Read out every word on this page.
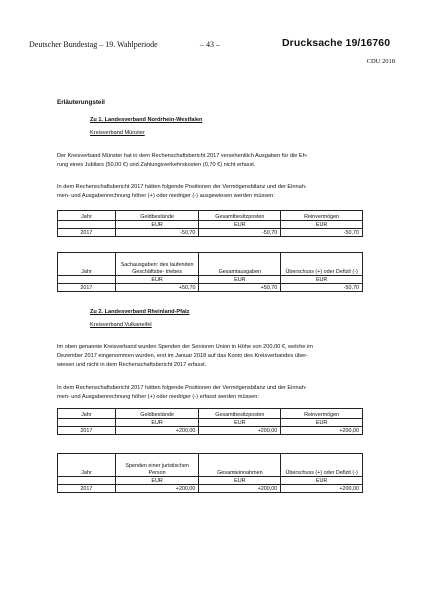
Deutscher Bundestag – 19. Wahlperiode	– 43 –	Drucksache 19/16760
CDU 2018
Erläuterungsteil
Zu 1. Landesverband Nordrhein-Westfalen
Kreisverband Münster
Der Kreisverband Münster hat in dem Rechenschaftsbericht 2017 versehentlich Ausgaben für die Eh-
rung eines Jubilars (50,00 €) und Zahlungsverkehrskosten (0,70 €) nicht erfasst.
In dem Rechenschaftsbericht 2017 hätten folgende Positionen der Vermögensbilanz und der Einnah-
men- und Ausgabenrechnung höher (+) oder niedriger (-) ausgewiesen werden müssen:
Jahr	Geldbestände	Gesamtbesitzposten	Reinvermögen
	EUR	EUR	EUR
2017	-50,70	-50,70	-50,70
Jahr	Sachausgaben: des laufenden Geschäftsbe- triebes	Gesamtausgaben	Überschuss (+) oder Defizit (-)
	EUR	EUR	EUR
2017	+50,70	+50,70	-50,70
Zu 2. Landesverband Rheinland-Pfalz
Kreisverband Vulkaneifel
Im oben genannte Kreisverband wurden Spenden der Senioren Union in Höhe von 200,00 €, welche im
Dezember 2017 eingenommen wurden, erst im Januar 2018 auf das Konto des Kreisverbandes über-
wiesen und nicht in dem Rechenschaftsbericht 2017 erfasst.
In dem Rechenschaftsbericht 2017 hätten folgende Positionen der Vermögensbilanz und der Einnah-
men- und Ausgabenrechnung höher (+) oder niedriger (-) erfasst werden müssen:
Jahr	Geldbestände	Gesamtbesitzposten	Reinvermögen
	EUR	EUR	EUR
2017	+200,00	+200,00	+200,00
Jahr	Spenden einer juristischen Person	Gesamteinnahmen	Überschuss (+) oder Defizit (-)
	EUR	EUR	EUR
2017	+200,00	+200,00	+200,00
